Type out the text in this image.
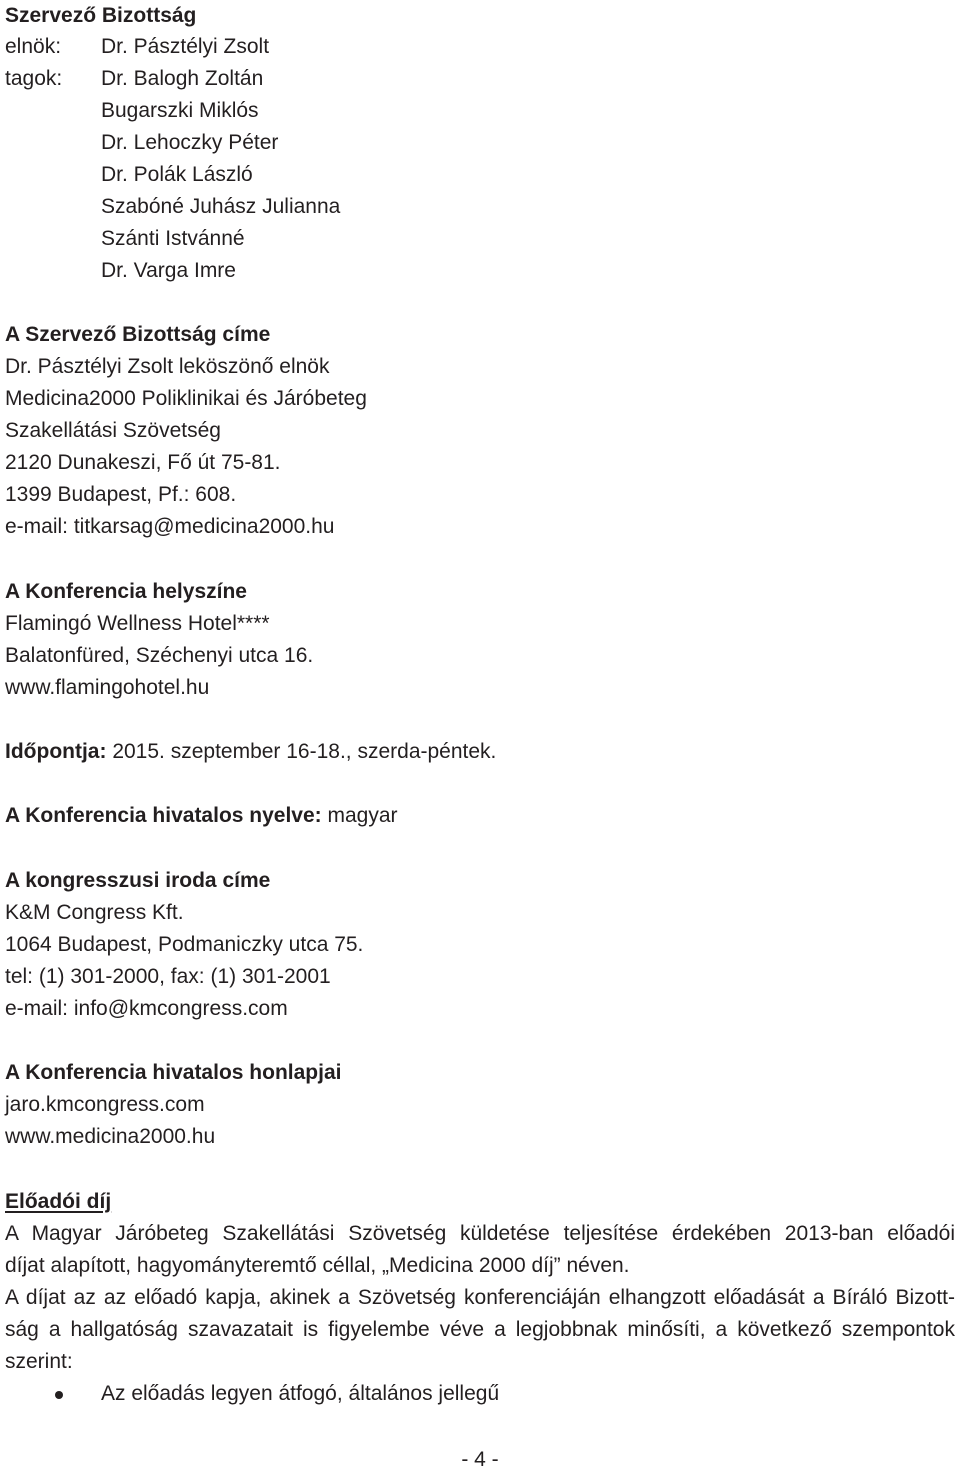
Szervező Bizottság
elnök: Dr. Pásztélyi Zsolt
tagok: Dr. Balogh Zoltán
Bugarszki Miklós
Dr. Lehoczky Péter
Dr. Polák László
Szabóné Juhász Julianna
Szánti Istvánné
Dr. Varga Imre
A Szervező Bizottság címe
Dr. Pásztélyi Zsolt leköszönő elnök
Medicina2000 Poliklinikai és Járóbeteg
Szakellátási Szövetség
2120 Dunakeszi, Fő út 75-81.
1399 Budapest, Pf.: 608.
e-mail: titkarsag@medicina2000.hu
A Konferencia helyszíne
Flamingó Wellness Hotel****
Balatonfüred, Széchenyi utca 16.
www.flamingohotel.hu
Időpontja: 2015. szeptember 16-18., szerda-péntek.
A Konferencia hivatalos nyelve: magyar
A kongresszusi iroda címe
K&M Congress Kft.
1064 Budapest, Podmaniczky utca 75.
tel: (1) 301-2000, fax: (1) 301-2001
e-mail: info@kmcongress.com
A Konferencia hivatalos honlapjai
jaro.kmcongress.com
www.medicina2000.hu
Előadói díj
A Magyar Járóbeteg Szakellátási Szövetség küldetése teljesítése érdekében 2013-ban előadói
díjat alapított, hagyományteremtő céllal, „Medicina 2000 díj” néven.
A díjat az az előadó kapja, akinek a Szövetség konferenciáján elhangzott előadását a Bíráló Bizott-
ság a hallgatóság szavazatait is figyelembe véve a legjobbnak minősíti, a következő szempontok
szerint:
Az előadás legyen átfogó, általános jellegű
- 4 -
